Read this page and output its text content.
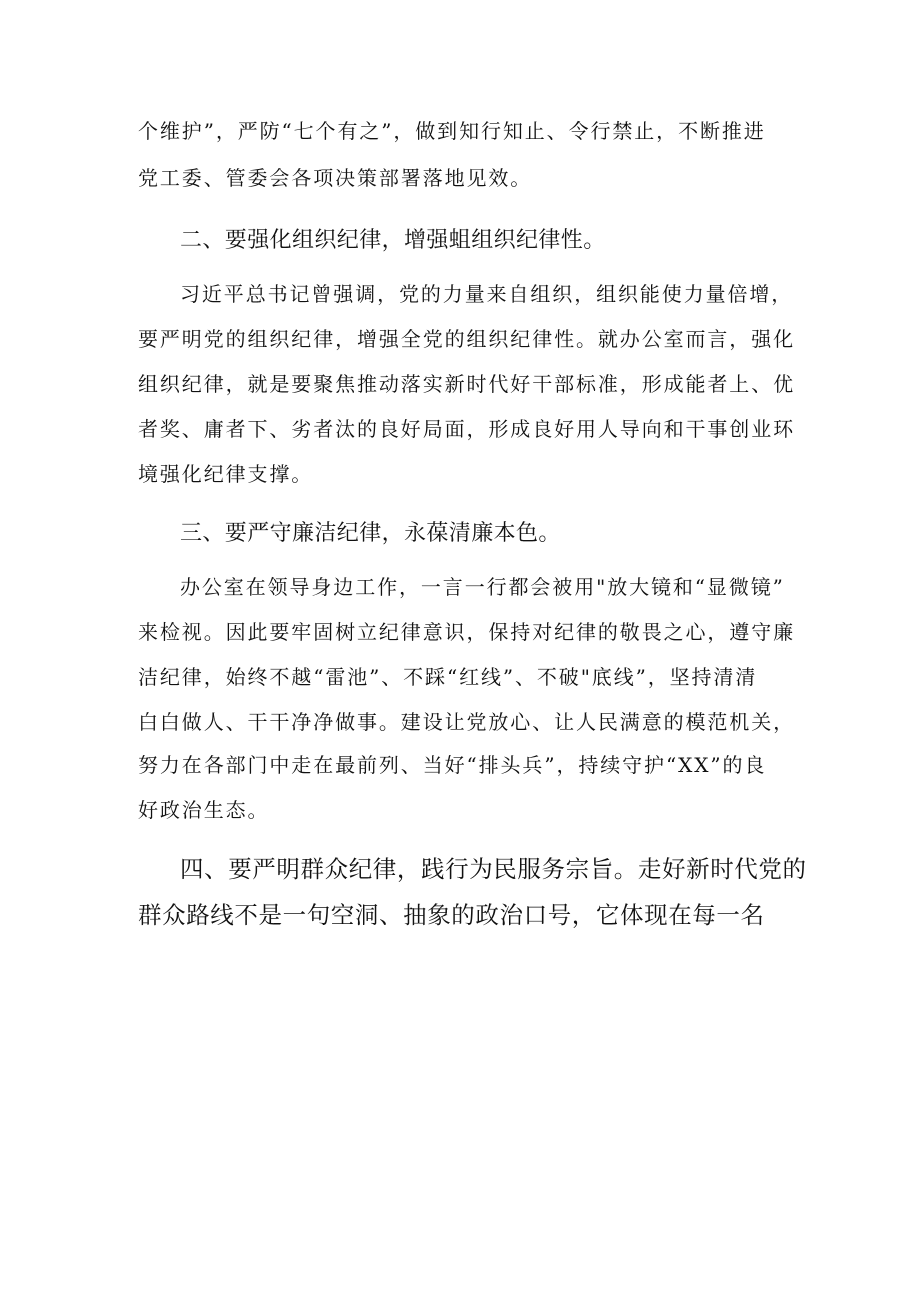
个维护”，严防“七个有之”，做到知行知止、令行禁止，不断推进
党工委、管委会各项决策部署落地见效。
二、要强化组织纪律，增强蛆组织纪律性。
习近平总书记曾强调，党的力量来自组织，组织能使力量倍增，
要严明党的组织纪律，增强全党的组织纪律性。就办公室而言，强化
组织纪律，就是要聚焦推动落实新时代好干部标准，形成能者上、优
者奖、庸者下、劣者汰的良好局面，形成良好用人导向和干事创业环
境强化纪律支撑。
三、要严守廉洁纪律，永葆清廉本色。
办公室在领导身边工作，一言一行都会被用"放大镜和“显微镜”
来检视。因此要牢固树立纪律意识，保持对纪律的敬畏之心，遵守廉
洁纪律，始终不越“雷池”、不踩“红线”、不破"底线”，坚持清清
白白做人、干干净净做事。建设让党放心、让人民满意的模范机关，
努力在各部门中走在最前列、当好“排头兵”，持续守护“XX”的良
好政治生态。
四、要严明群众纪律，践行为民服务宗旨。走好新时代党的
群众路线不是一句空洞、抽象的政治口号，它体现在每一名
